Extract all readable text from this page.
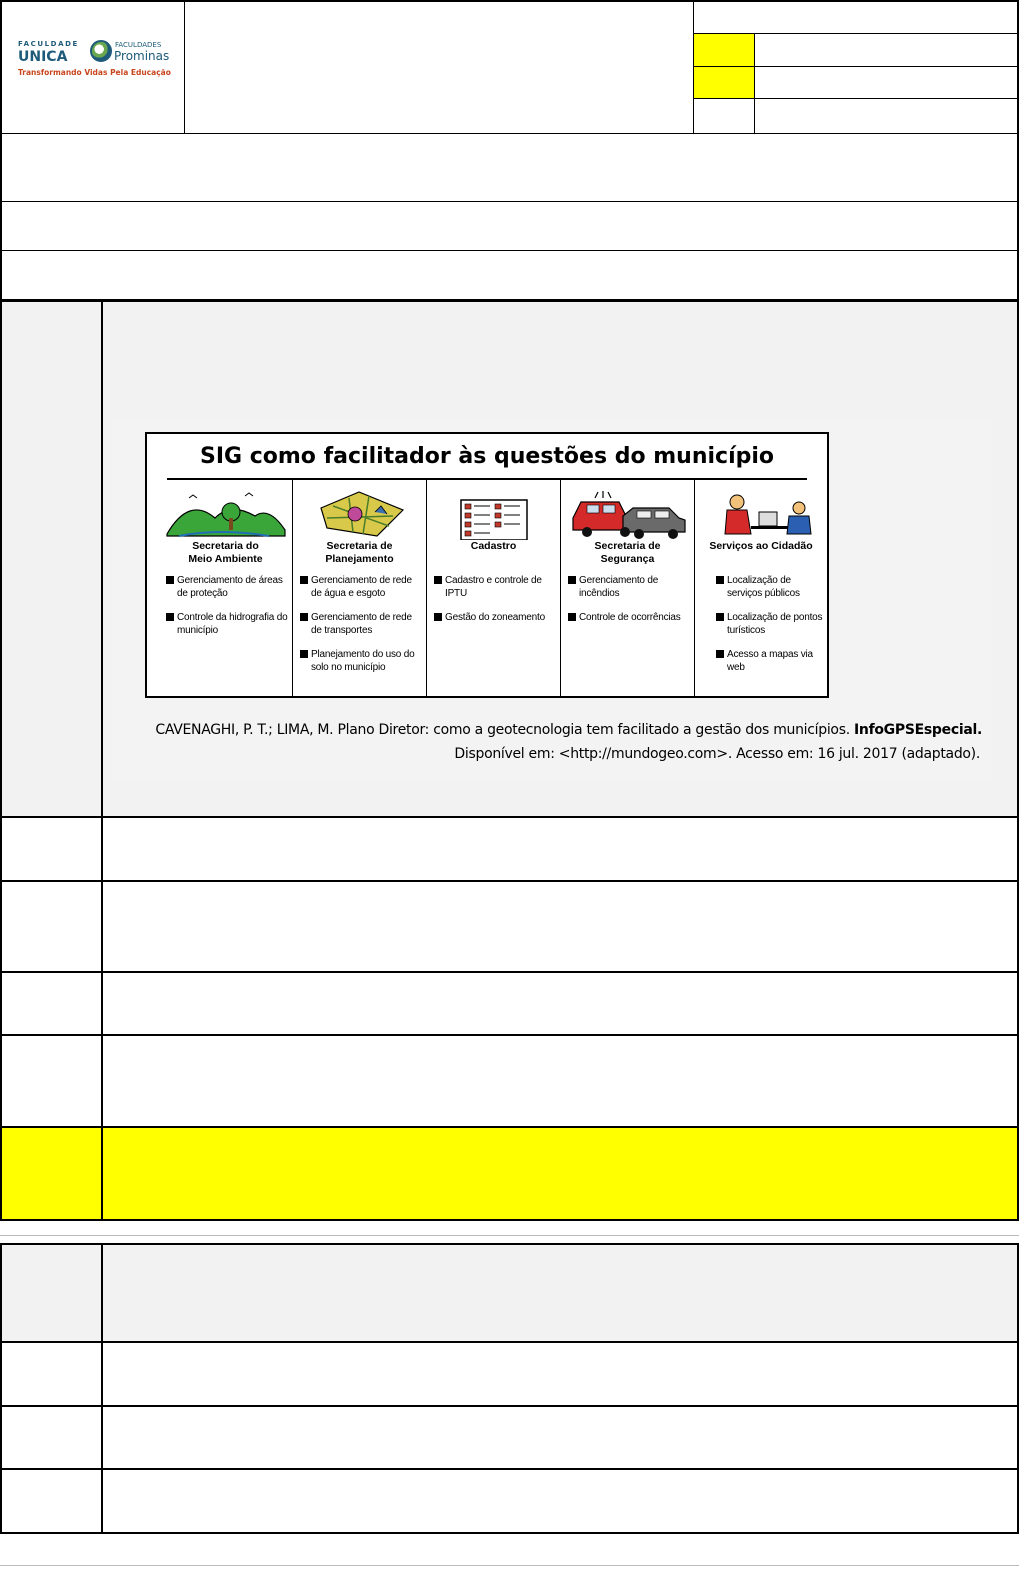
FACULDADE
UNICA
FACULDADES
Prominas
Transformando Vidas Pela Educação
SIG como facilitador às questões do município
Secretaria do
Meio Ambiente
Gerenciamento de áreas de proteção
Controle da hidrografia do município
Secretaria de
Planejamento
Gerenciamento de rede de água e esgoto
Gerenciamento de rede de transportes
Planejamento do uso do solo no município
Cadastro
Cadastro e controle de IPTU
Gestão do zoneamento
Secretaria de
Segurança
Gerenciamento de incêndios
Controle de ocorrências
Serviços ao Cidadão
Localização de serviços públicos
Localização de pontos turísticos
Acesso a mapas via web
CAVENAGHI, P. T.; LIMA, M. Plano Diretor: como a geotecnologia tem facilitado a gestão dos municípios. InfoGPSEspecial.
Disponível em: <http://mundogeo.com>. Acesso em: 16 jul. 2017 (adaptado).
